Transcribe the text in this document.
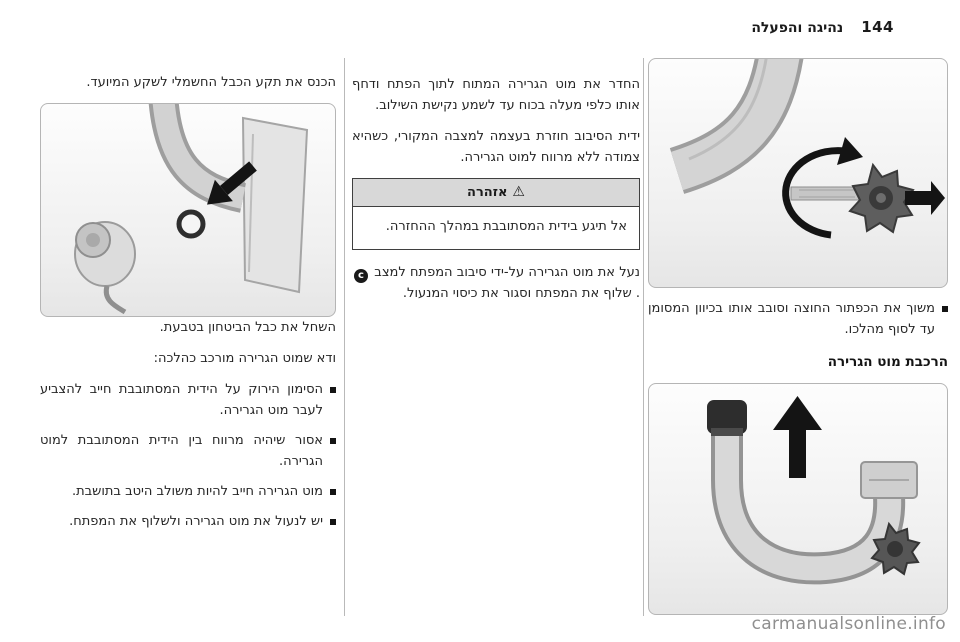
נהיגה והפעלה 144

משוך את הכפתור החוצה וסובב אותו בכיוון המסומן עד לסוף מהלכו.

הרכבת מוט הגרירה

החדר את מוט הגרירה המתוח לתוך הפתח ודחף אותו כלפי מעלה בכוח עד לשמע נקישת השילוב.

ידית הסיבוב חוזרת בעצמה למצבה המקורי, כשהיא צמודה ללא מרווח למוט הגרירה.

⚠
אזהרה

אל תיגע בידית המסתובבת במהלך ההחזרה.

נעל את מוט הגרירה על-ידי סיבוב המפתח למצב c‏. שלוף את המפתח וסגור את כיסוי המנעול.

הכנס את תקע הכבל החשמלי לשקע המיועד.

השחל את כבל הביטחון בטבעת.

ודא שמוט הגרירה מורכב כהלכה:

הסימון הירוק על הידית המסתובבת חייב להצביע לעבר מוט הגרירה.

אסור שיהיה מרווח בין הידית המסתובבת למוט הגרירה.

מוט הגרירה חייב להיות משולב היטב בתושבת.

יש לנעול את מוט הגרירה ולשלוף את המפתח.

carmanualsonline.info
